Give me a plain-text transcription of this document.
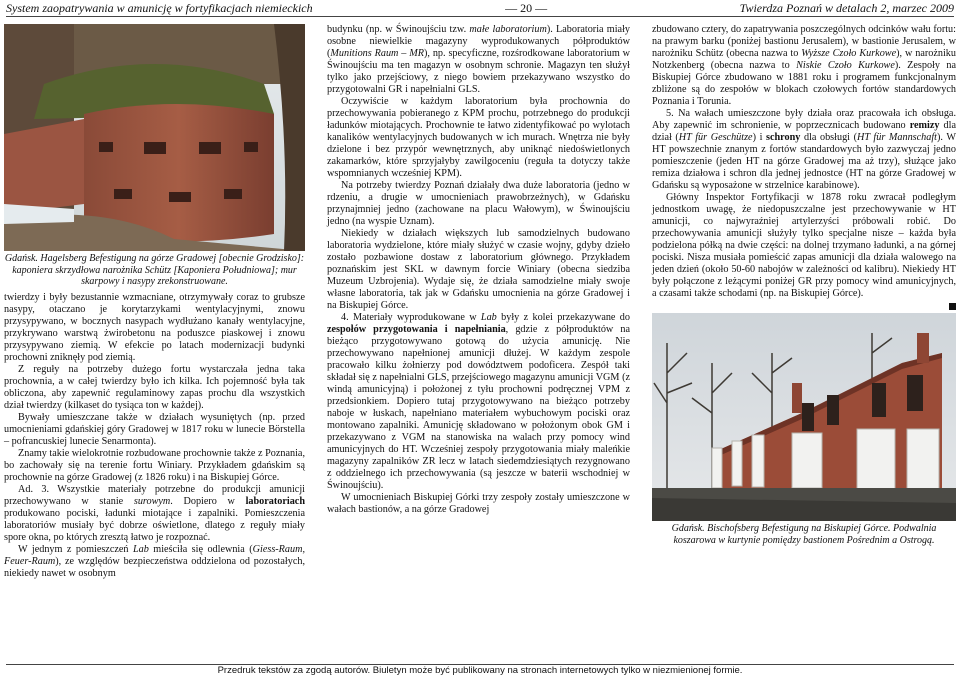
System zaopatrywania w amunicję w fortyfikacjach niemieckich	— 20 —	Twierdza Poznań w detalach 2, marzec 2009
Gdańsk. Hagelsberg Befestigung na górze Gradowej [obecnie Grodzisko]: kaponiera skrzydłowa narożnika Schütz [Kaponiera Południowa]; mur skarpowy i nasypy zrekonstruowane.

twierdzy i były bezustannie wzmacniane, otrzymywały coraz to grubsze nasypy, otaczano je korytarzykami wentylacyjnymi, znowu przysypywano, w bocznych nasypach wydłużano kanały wentylacyjne, przykrywano warstwą żwirobetonu na poduszce piaskowej i znowu przysypywano ziemią. W efekcie po latach modernizacji budynki prochowni zniknęły pod ziemią.

Z reguły na potrzeby dużego fortu wystarczała jedna taka prochownia, a w całej twierdzy było ich kilka. Ich pojemność była tak obliczona, aby zapewnić regulaminowy zapas prochu dla wszystkich dział twierdzy (kilkaset do tysiąca ton w każdej).

Bywały umieszczane także w działach wysuniętych (np. przed umocnieniami gdańskiej góry Gradowej w 1817 roku w lunecie Börstella – pofrancuskiej lunecie Senarmonta).

Znamy takie wielokrotnie rozbudowane prochownie także z Poznania, bo zachowały się na terenie fortu Winiary. Przykładem gdańskim są prochownie na górze Gradowej (z 1826 roku) i na Biskupiej Górce.

Ad. 3. Wszystkie materiały potrzebne do produkcji amunicji przechowywano w stanie surowym. Dopiero w laboratoriach produkowano pociski, ładunki miotające i zapalniki. Pomieszczenia laboratoriów musiały być dobrze oświetlone, dlatego z reguły miały spore okna, po których zresztą łatwo je rozpoznać.

W jednym z pomieszczeń Lab mieściła się odlewnia (Giess-Raum, Feuer-Raum), ze względów bezpieczeństwa oddzielona od pozostałych, niekiedy nawet w osobnym

budynku (np. w Świnoujściu tzw. małe laboratorium). Laboratoria miały osobne niewielkie magazyny wyprodukowanych półproduktów (Munitions Raum – MR), np. specyficzne, rozśrodkowane laboratorium w Świnoujściu ma ten magazyn w osobnym schronie. Magazyn ten służył tylko jako przejściowy, z niego bowiem przekazywano wszystko do przygotowalni GR i napełnialni GLS.

Oczywiście w każdym laboratorium była prochownia do przechowywania pobieranego z KPM prochu, potrzebnego do produkcji ładunków miotających. Prochownie te łatwo zidentyfikować po wylotach kanalików wentylacyjnych budowanych w ich murach. Wnętrza nie były dzielone i bez przypór wewnętrznych, aby uniknąć niedoświetlonych zakamarków, które sprzyjałyby zawilgoceniu (reguła ta dotyczy także wspomnianych wcześniej KPM).

Na potrzeby twierdzy Poznań działały dwa duże laboratoria (jedno w rdzeniu, a drugie w umocnieniach prawobrzeżnych), w Gdańsku przynajmniej jedno (zachowane na placu Wałowym), w Świnoujściu jedno (na wyspie Uznam).

Niekiedy w działach większych lub samodzielnych budowano laboratoria wydzielone, które miały służyć w czasie wojny, gdyby dzieło zostało pozbawione dostaw z laboratorium głównego. Przykładem poznańskim jest SKL w dawnym forcie Winiary (obecna siedziba Muzeum Uzbrojenia). Wydaje się, że działa samodzielne miały swoje własne laboratoria, tak jak w Gdańsku umocnienia na górze Gradowej i na Biskupiej Górce.

4. Materiały wyprodukowane w Lab były z kolei przekazywane do zespołów przygotowania i napełniania, gdzie z półproduktów na bieżąco przygotowywano gotową do użycia amunicję. Nie przechowywano napełnionej amunicji dłużej. W każdym zespole pracowało kilku żołnierzy pod dowództwem podoficera. Zespół taki składał się z napełnialni GLS, przejściowego magazynu amunicji VGM (z windą amunicyjną) i położonej z tyłu prochowni podręcznej VPM z przedsionkiem. Dopiero tutaj przygotowywano na bieżąco potrzeby naboje w łuskach, napełniano materiałem wybuchowym pociski oraz montowano zapalniki. Amunicję składowano w położonym obok GM i przekazywano z VGM na stanowiska na walach przy pomocy wind amunicyjnych do HT. Wcześniej zespoły przygotowania miały maleńkie magazyny zapalników ZR lecz w latach siedemdziesiątych rezygnowano z oddzielnego ich przechowywania (są jeszcze w baterii wschodniej w Świnoujściu).

W umocnieniach Biskupiej Górki trzy zespoły zostały umieszczone w wałach bastionów, a na górze Gradowej

zbudowano cztery, do zapatrywania poszczególnych odcinków wału fortu: na prawym barku (poniżej bastionu Jerusalem), w bastionie Jerusalem, w narożniku Schütz (obecna nazwa to Wyższe Czoło Kurkowe), w narożniku Notzkenberg (obecna nazwa to Niskie Czoło Kurkowe). Zespoły na Biskupiej Górce zbudowano w 1881 roku i programem funkcjonalnym zbliżone są do zespołów w blokach czołowych fortów standardowych Poznania i Torunia.

5. Na wałach umieszczone były działa oraz pracowała ich obsługa. Aby zapewnić im schronienie, w poprzecznicach budowano remizy dla dział (HT für Geschütze) i schrony dla obsługi (HT für Mannschaft). W HT powszechnie znanym z fortów standardowych było zazwyczaj jedno pomieszczenie (jeden HT na górze Gradowej ma aż trzy), służące jako remiza działowa i schron dla jednej jednostce (HT na górze Gradowej w Gdańsku są wyposażone w strzelnice karabinowe).

Główny Inspektor Fortyfikacji w 1878 roku zwracał podległym jednostkom uwagę, że niedopuszczalne jest przechowywanie w HT amunicji, co najwyraźniej artylerzyści próbowali robić. Do przechowywania amunicji służyły tylko specjalne nisze – każda była podzielona półką na dwie części: na dolnej trzymano ładunki, a na górnej pociski. Nisza musiała pomieścić zapas amunicji dla działa walowego na jeden dzień (około 50-60 nabojów w zależności od kalibru). Niekiedy HT były połączone z leżącymi poniżej GR przy pomocy wind amunicyjnych, a czasami także schodami (np. na Biskupiej Górce).

Gdańsk. Bischofsberg Befestigung na Biskupiej Górce. Podwalnia koszarowa w kurtynie pomiędzy bastionem Pośrednim a Ostrogą.
Przedruk tekstów za zgodą autorów. Biuletyn może być publikowany na stronach internetowych tylko w niezmienionej formie.
